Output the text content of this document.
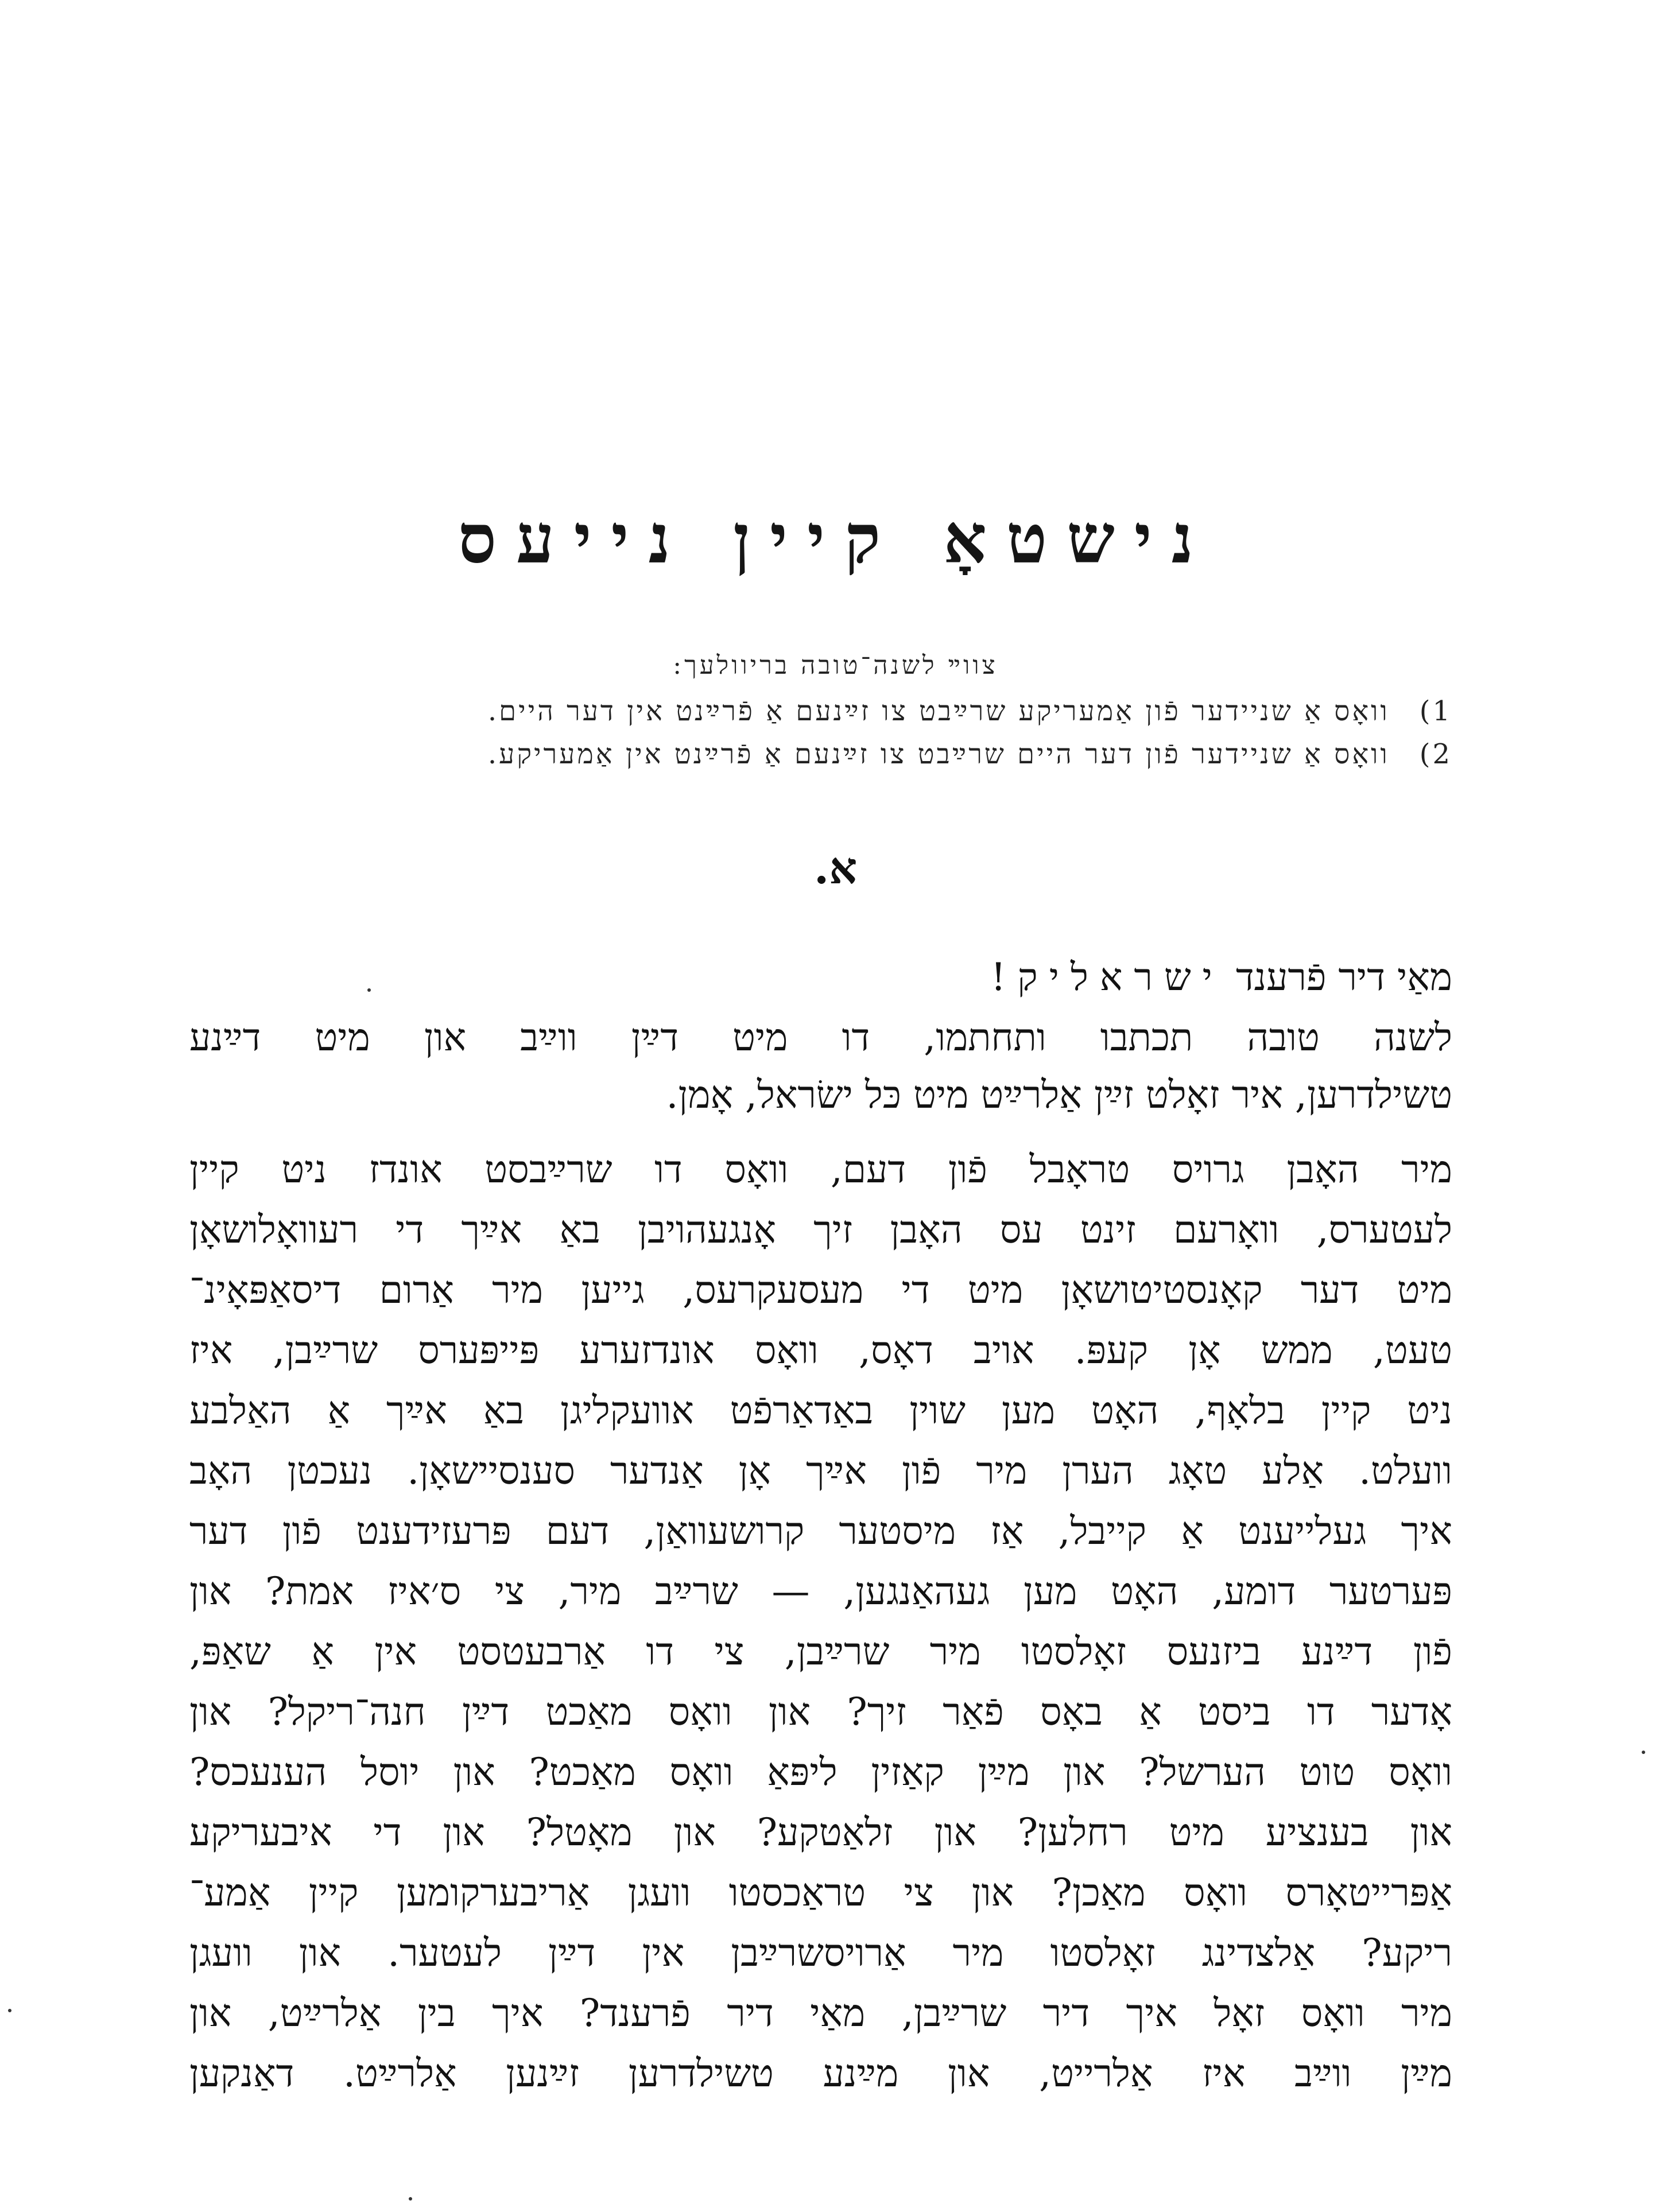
נישטאָ קיין נייעס
צווײ לשנה־טובה בריוולעך:
1) וואָס אַ שניידער פֿון אַמעריקע שרײַבט צו זײַנעם אַ פֿרײַנט אין דער היים.
2) וואָס אַ שניידער פֿון דער היים שרײַבט צו זײַנעם אַ פֿרײַנט אין אַמעריקע.
א.
מאַי דיר פֿרענד ישראליק!
לשנה טובה תכתבו ותחתמו, דו מיט דײַן ווײַב און מיט דײַנע
טשילדרען, איר זאָלט זײַן אַלרײַט מיט כּל ישׂראל, אָמן.
מיר האָבן גרויס טראָבל פֿון דעם, וואָס דו שרײַבסט אונדז ניט קיין
לעטערס, וואָרעם זינט עס האָבן זיך אָנגעהויבן באַ אײַך די רעוואָלושאָן
מיט דער קאָנסטיטושאָן מיט די מעסעקרעס, גייען מיר אַרום דיסאַפּאָינ־
טעט, ממש אָן קעפּ. אויב דאָס, וואָס אונדזערע פּייפּערס שרײַבן, איז
ניט קיין בלאָף, האָט מען שוין באַדאַרפֿט אוועקליגן באַ אײַך אַ האַלבע
וועלט. אַלע טאָג הערן מיר פֿון אײַך אָן אַנדער סענסיישאָן. נעכטן האָב
איך געלייענט אַ קייבל, אַז מיסטער קרושעוואַן, דעם פּרעזידענט פֿון דער
פּערטער דומע, האָט מען געהאַנגען, — שרײַב מיר, צי ס׳איז אמת? און
פֿון דײַנע ביזנעס זאָלסטו מיר שרײַבן, צי דו אַרבעטסט אין אַ שאַפּ,
אָדער דו ביסט אַ באָס פֿאַר זיך? און וואָס מאַכט דײַן חנה־ריקל? און
וואָס טוט הערשל? און מײַן קאַזין ליפּאַ וואָס מאַכט? און יוסל הענעכס?
און בענציע מיט רחלען? און זלאַטקע? און מאָטל? און די איבעריקע
אַפּרייטאָרס וואָס מאַכן? און צי טראַכסטו וועגן אַריבערקומען קיין אַמע־
ריקע? אַלצדינג זאָלסטו מיר אַרויסשרײַבן אין דײַן לעטער. און וועגן
מיר וואָס זאָל איך דיר שרײַבן, מאַי דיר פֿרענד? איך בין אַלרײַט, און
מײַן ווײַב איז אַלרייט, און מײַנע טשילדרען זײַנען אַלרײַט. דאַנקען
